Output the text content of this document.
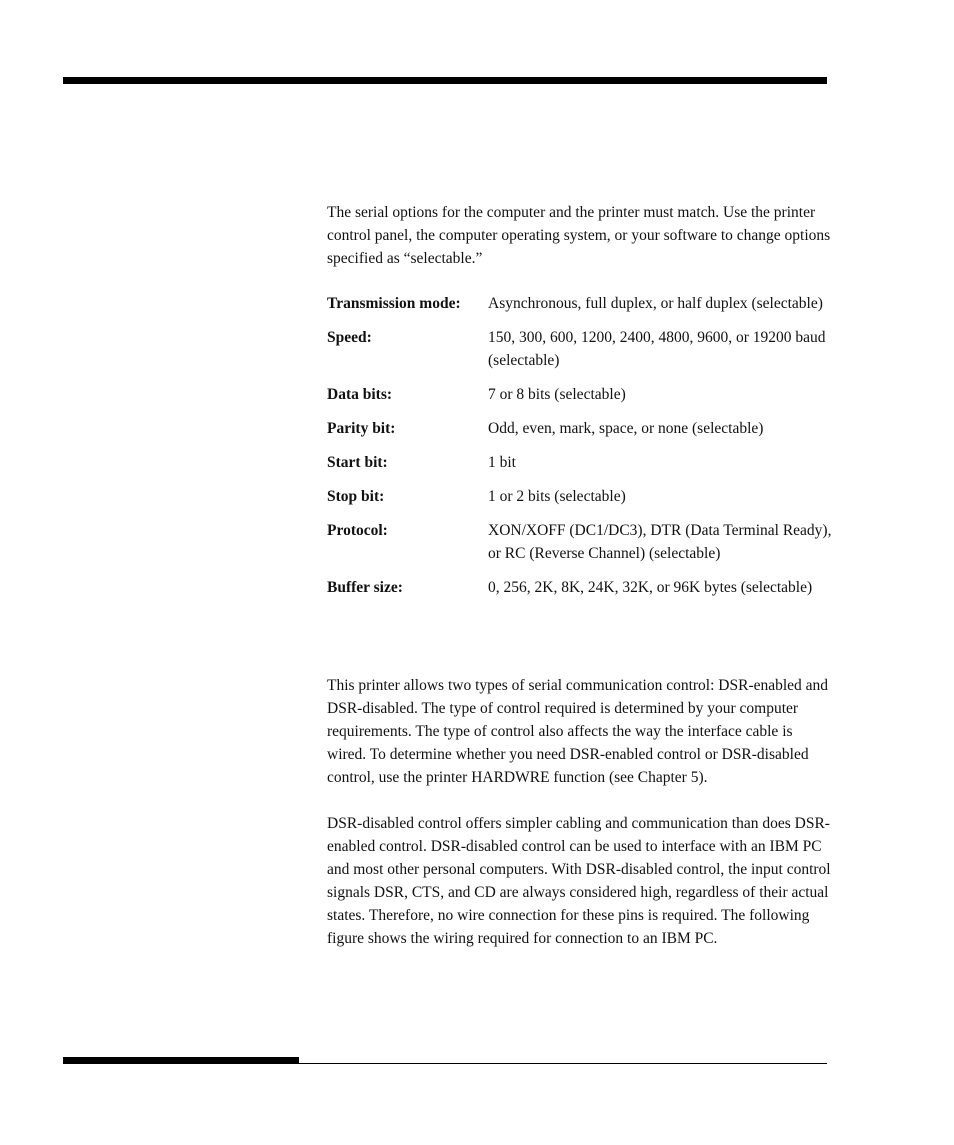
The serial options for the computer and the printer must match. Use the printer control panel, the computer operating system, or your software to change options specified as “selectable.”

Transmission mode:	Asynchronous, full duplex, or half duplex (selectable)
Speed:	150, 300, 600, 1200, 2400, 4800, 9600, or 19200 baud (selectable)
Data bits:	7 or 8 bits (selectable)
Parity bit:	Odd, even, mark, space, or none (selectable)
Start bit:	1 bit
Stop bit:	1 or 2 bits (selectable)
Protocol:	XON/XOFF (DC1/DC3), DTR (Data Terminal Ready), or RC (Reverse Channel) (selectable)
Buffer size:	0, 256, 2K, 8K, 24K, 32K, or 96K bytes (selectable)

This printer allows two types of serial communication control: DSR-enabled and DSR-disabled. The type of control required is determined by your computer requirements. The type of control also affects the way the interface cable is wired. To determine whether you need DSR-enabled control or DSR-disabled control, use the printer HARDWRE function (see Chapter 5).

DSR-disabled control offers simpler cabling and communication than does DSR-enabled control. DSR-disabled control can be used to interface with an IBM PC and most other personal computers. With DSR-disabled control, the input control signals DSR, CTS, and CD are always considered high, regardless of their actual states. Therefore, no wire connection for these pins is required. The following figure shows the wiring required for connection to an IBM PC.
